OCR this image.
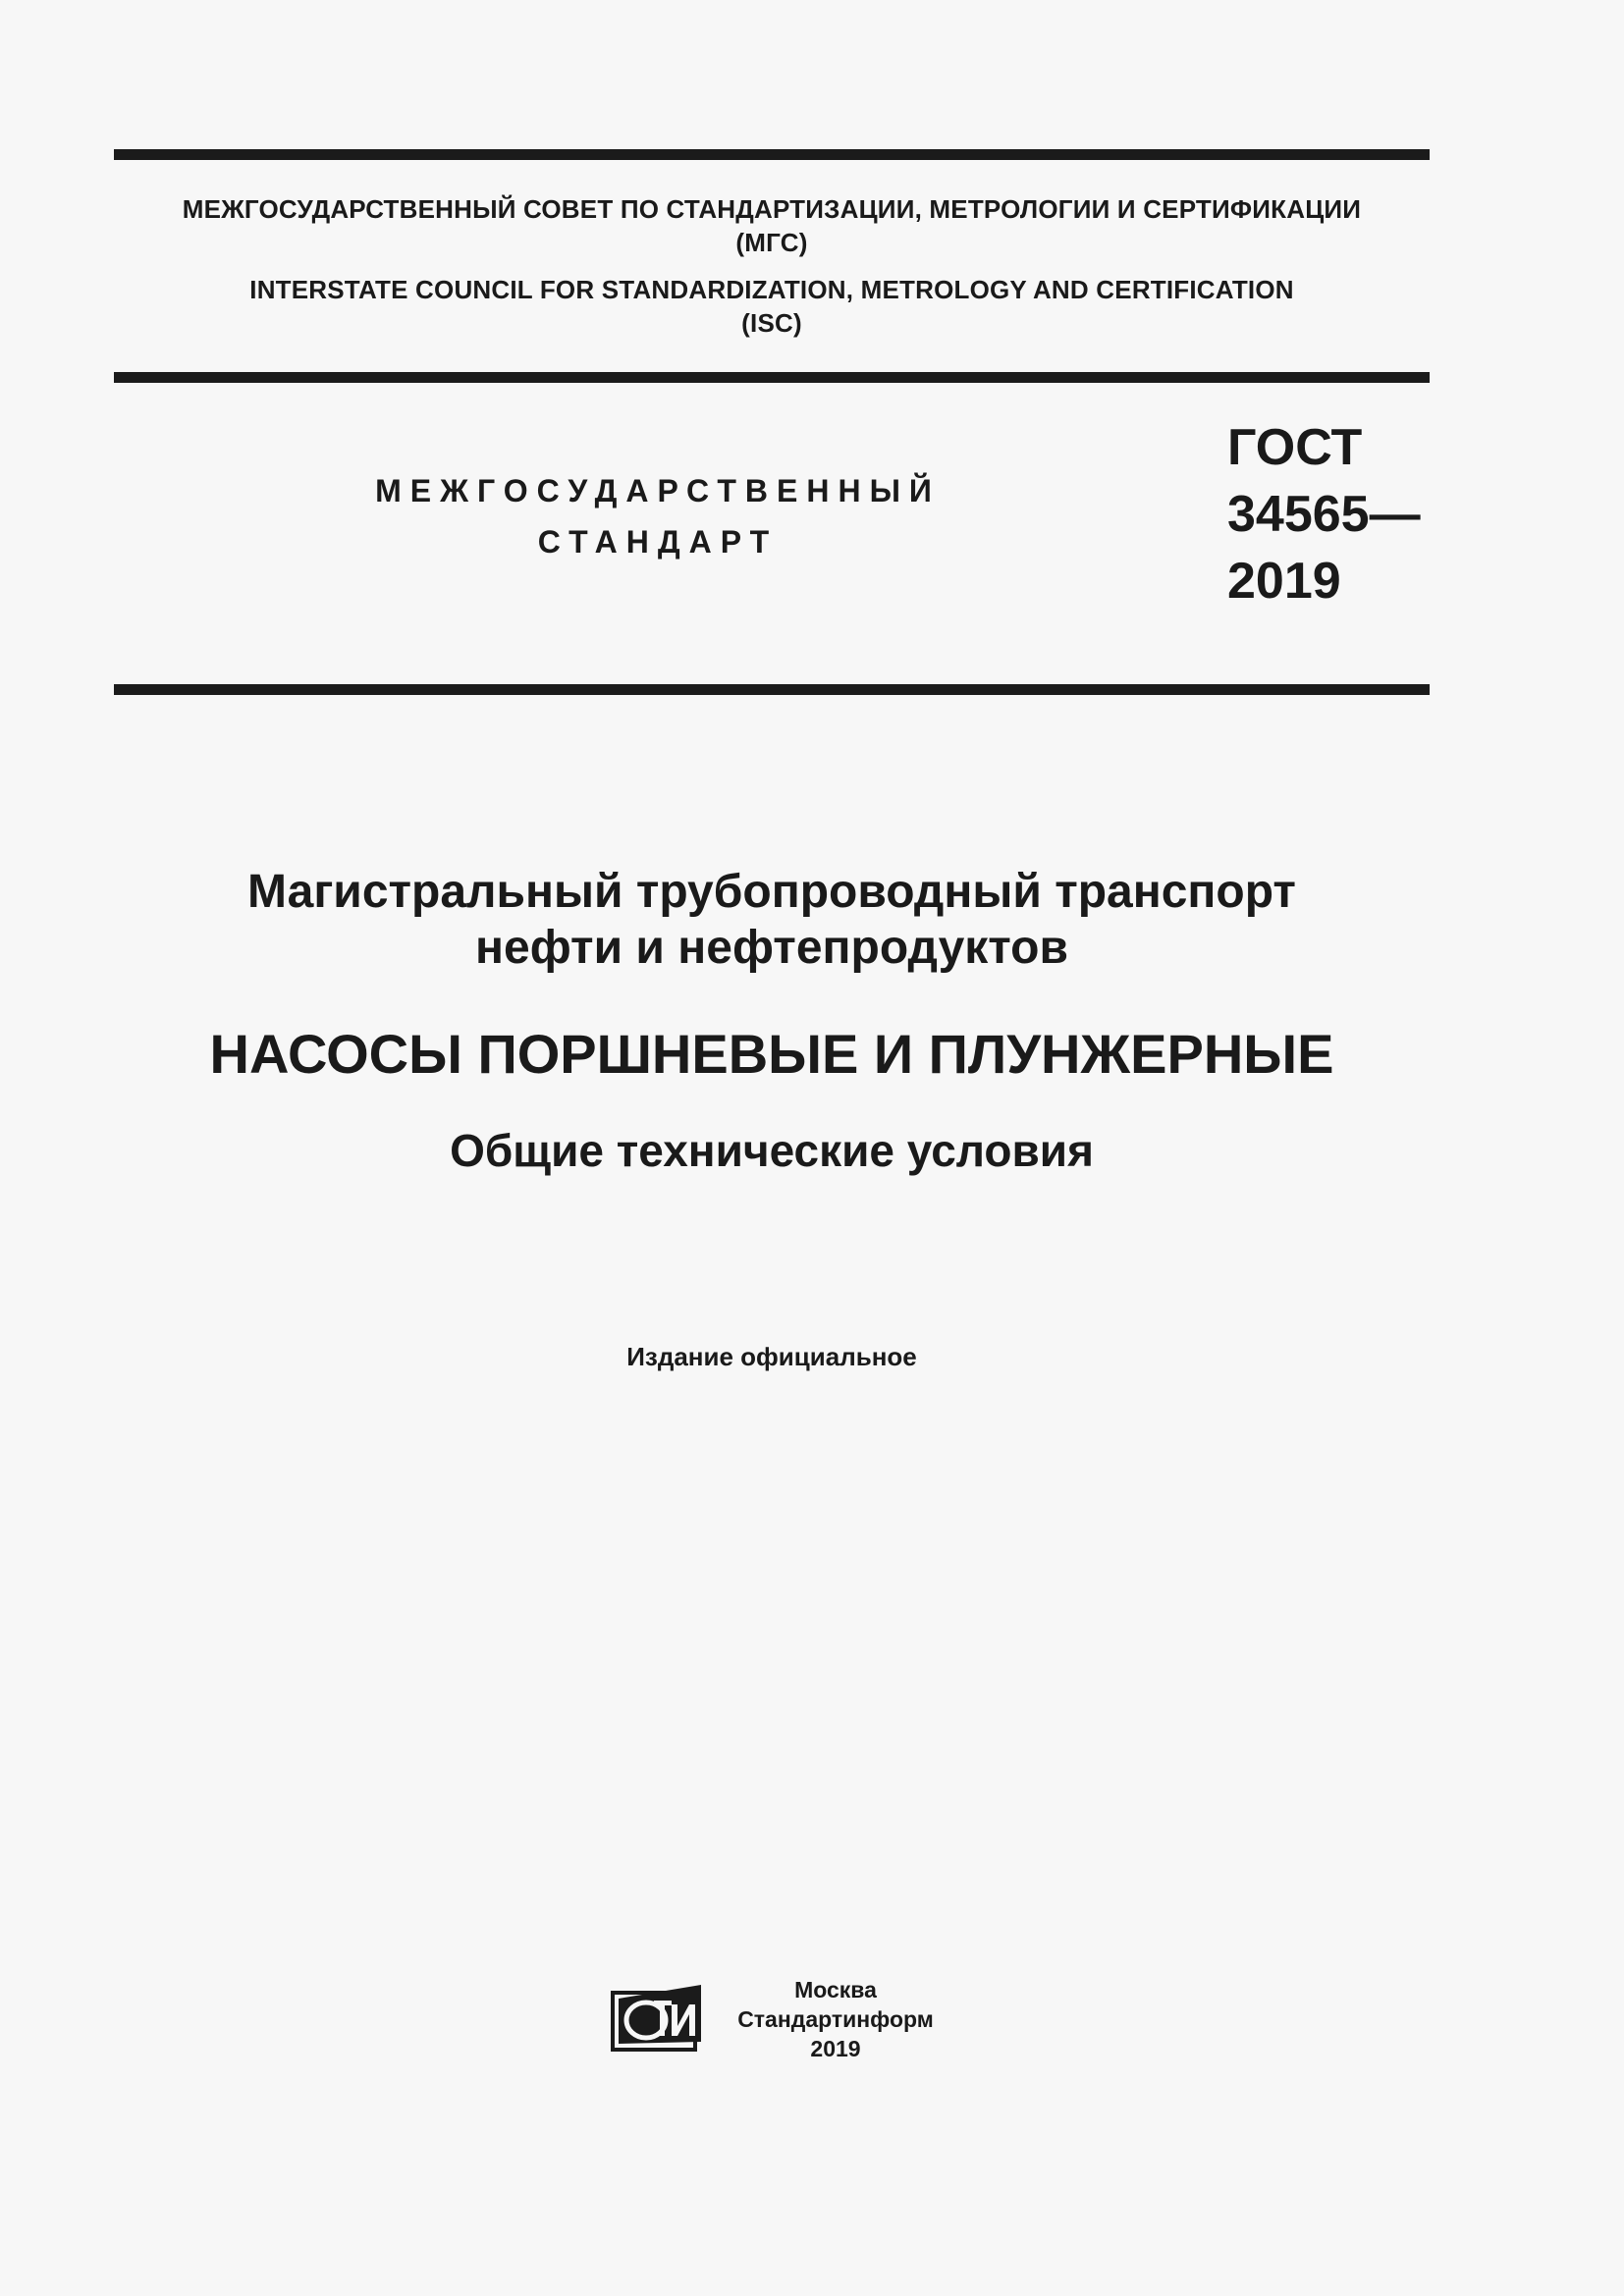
МЕЖГОСУДАРСТВЕННЫЙ СОВЕТ ПО СТАНДАРТИЗАЦИИ, МЕТРОЛОГИИ И СЕРТИФИКАЦИИ
(МГС)
INTERSTATE COUNCIL FOR STANDARDIZATION, METROLOGY AND CERTIFICATION
(ISC)
МЕЖГОСУДАРСТВЕННЫЙ
СТАНДАРТ
ГОСТ
34565—
2019
Магистральный трубопроводный транспорт
нефти и нефтепродуктов
НАСОСЫ ПОРШНЕВЫЕ И ПЛУНЖЕРНЫЕ
Общие технические условия
Издание официальное
Москва
Стандартинформ
2019
